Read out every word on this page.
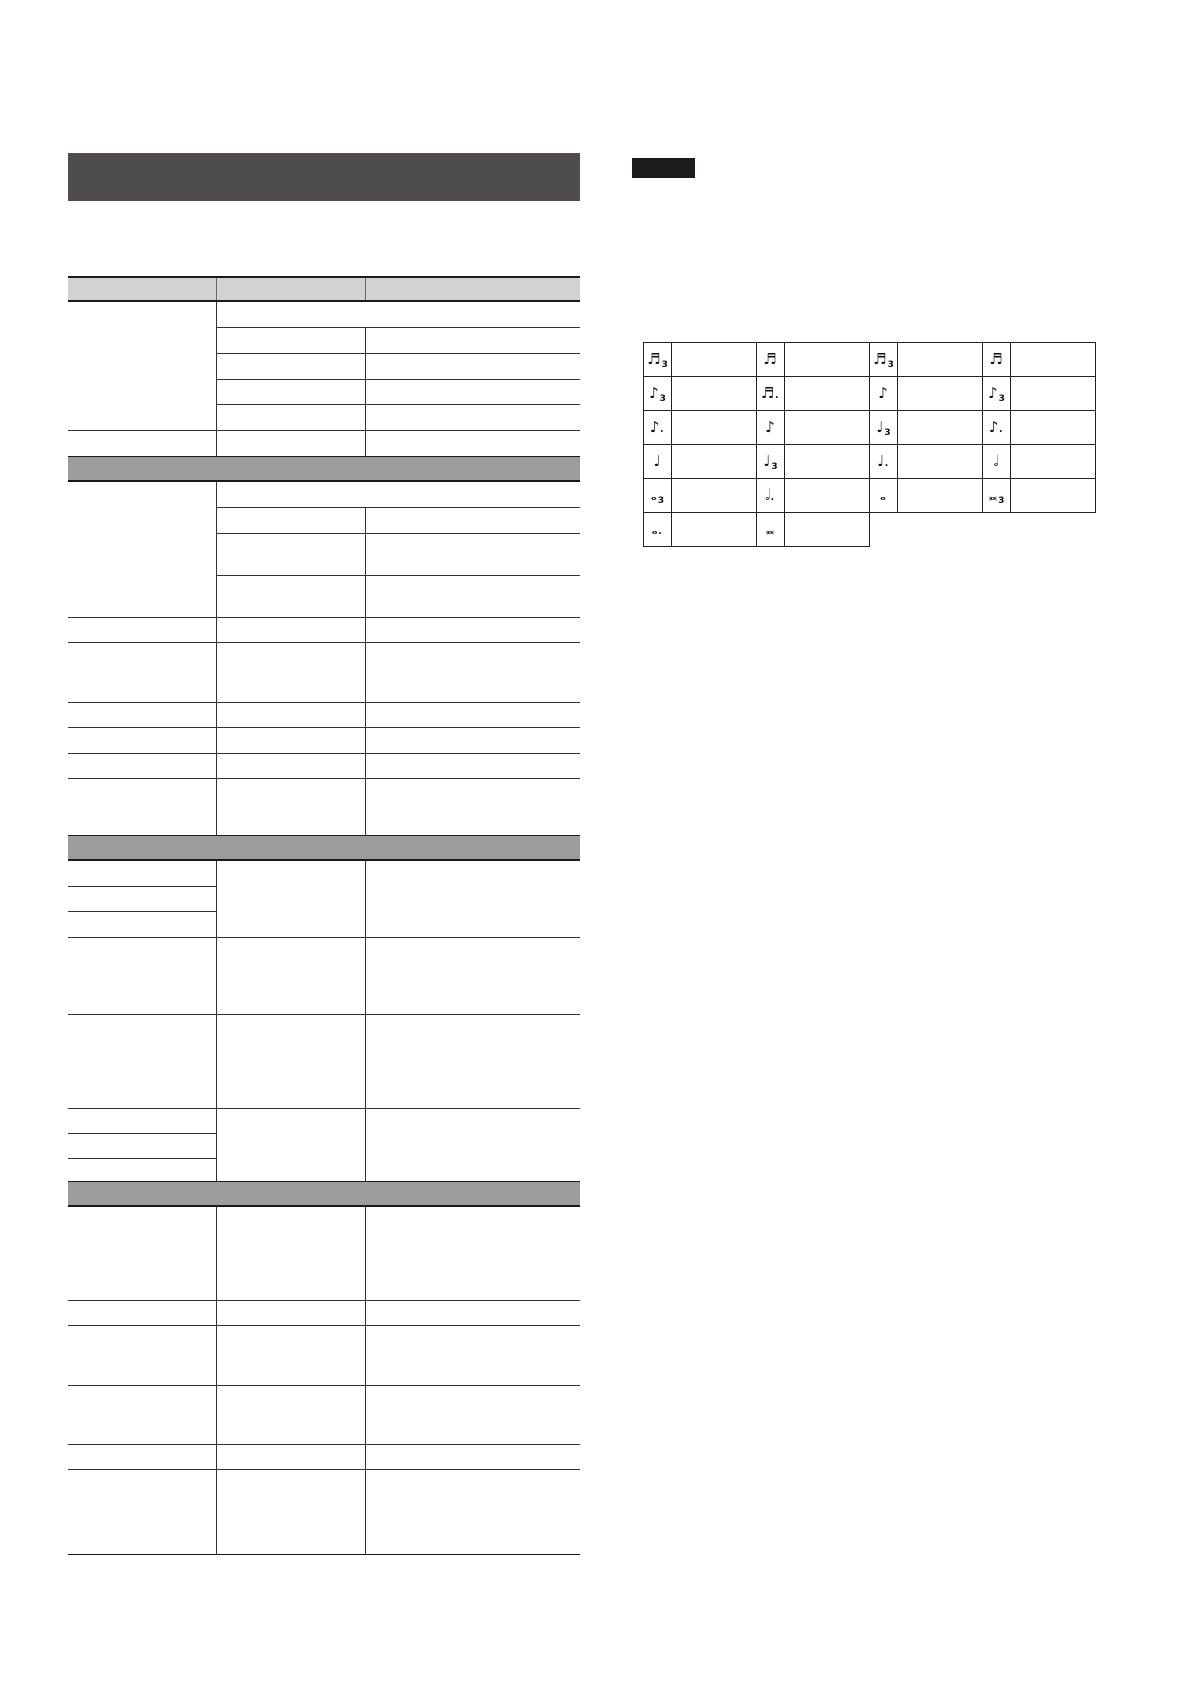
$♬_3$		♬		$♬_3$		♬	
$♪_3$		♬.		♪		$♪_3$	
♪.		♪		$♩_3$		♪.	
♩		$♩_3$		♩.		𝅗𝅥	
$𝅝_3$		𝅗𝅥.		𝅝		$𝅜_3$	
𝅝.		𝅜					
